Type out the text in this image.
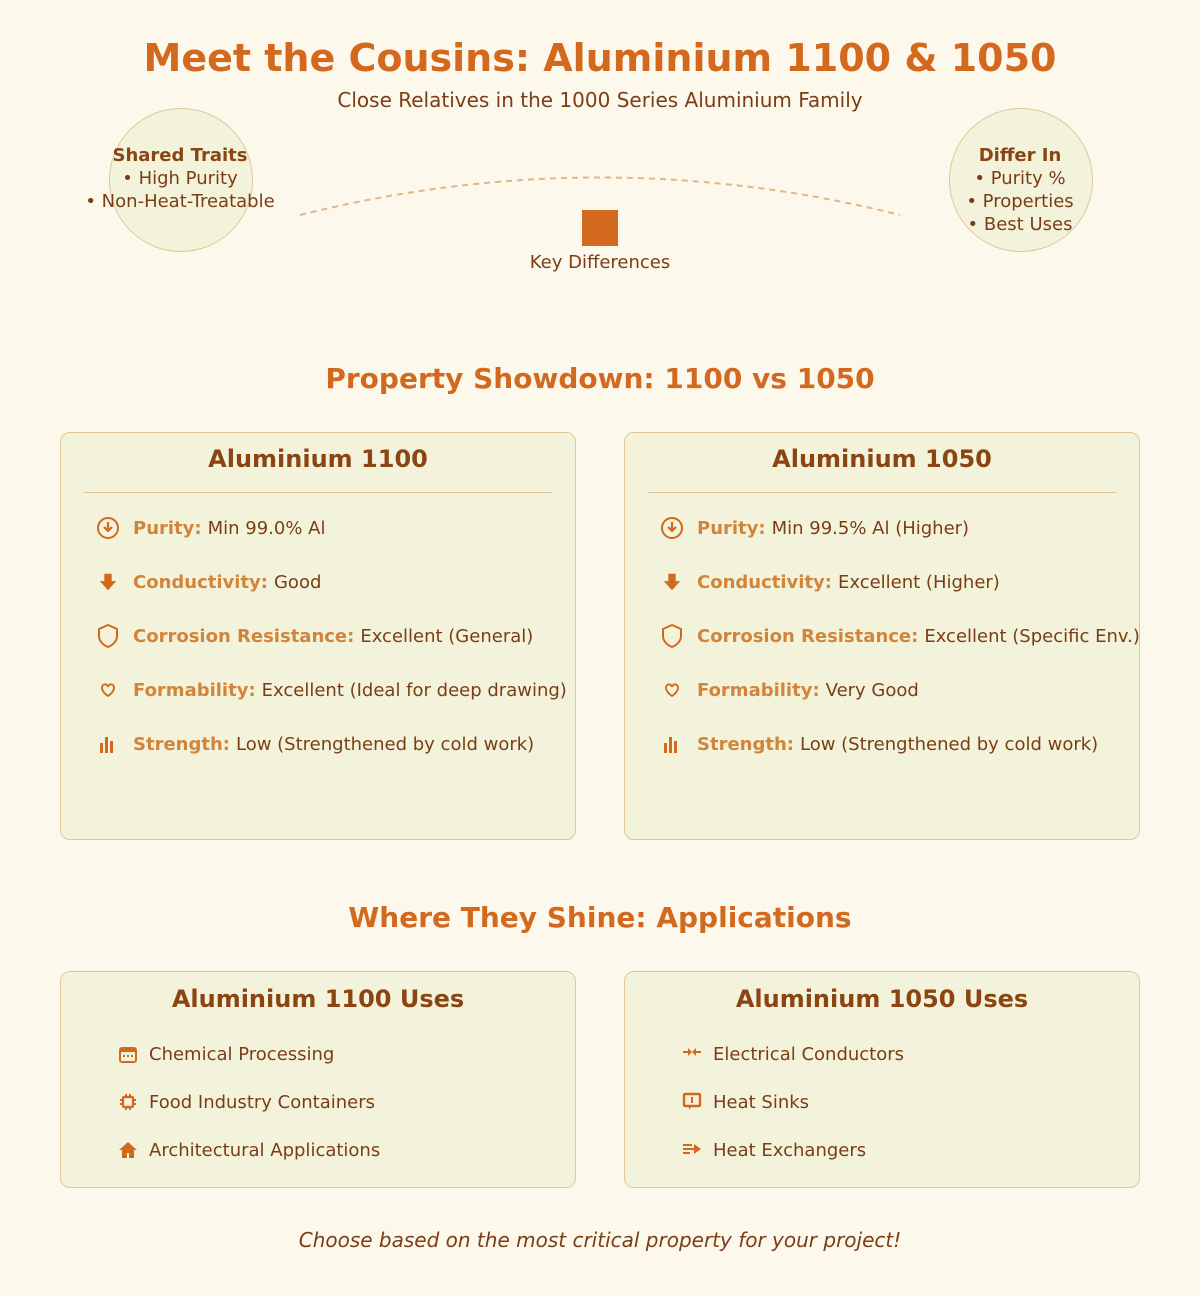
Meet the Cousins: Aluminium 1100 & 1050
Close Relatives in the 1000 Series Aluminium Family
Shared Traits
• High Purity
• Non-Heat-Treatable
Differ In
• Purity %
• Properties
• Best Uses
Key Differences
Property Showdown: 1100 vs 1050
Aluminium 1100
Purity: Min 99.0% Al
Conductivity: Good
Corrosion Resistance: Excellent (General)
Formability: Excellent (Ideal for deep drawing)
Strength: Low (Strengthened by cold work)
Aluminium 1050
Purity: Min 99.5% Al (Higher)
Conductivity: Excellent (Higher)
Corrosion Resistance: Excellent (Specific Env.)
Formability: Very Good
Strength: Low (Strengthened by cold work)
Where They Shine: Applications
Aluminium 1100 Uses
Chemical Processing
Food Industry Containers
Architectural Applications
Aluminium 1050 Uses
Electrical Conductors
Heat Sinks
Heat Exchangers
Choose based on the most critical property for your project!
